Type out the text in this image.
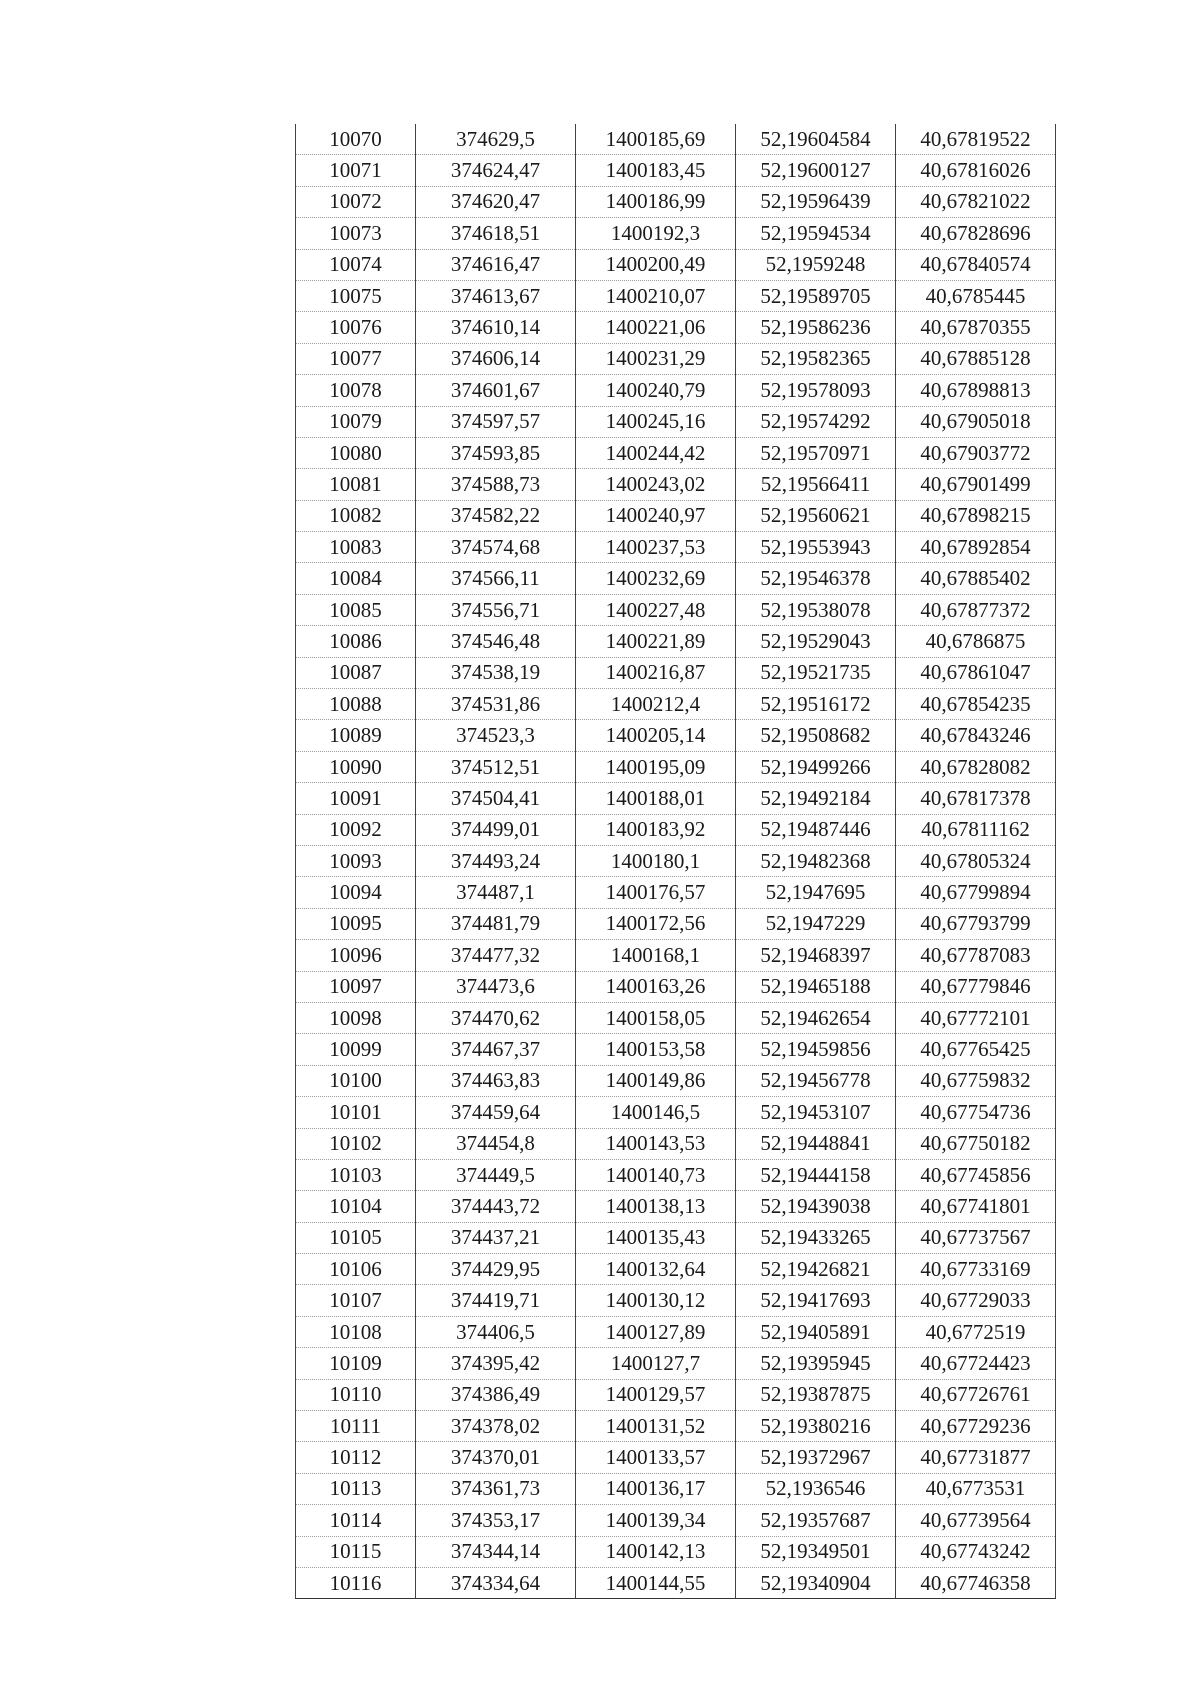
10070	374629,5	1400185,69	52,19604584	40,67819522
10071	374624,47	1400183,45	52,19600127	40,67816026
10072	374620,47	1400186,99	52,19596439	40,67821022
10073	374618,51	1400192,3	52,19594534	40,67828696
10074	374616,47	1400200,49	52,1959248	40,67840574
10075	374613,67	1400210,07	52,19589705	40,6785445
10076	374610,14	1400221,06	52,19586236	40,67870355
10077	374606,14	1400231,29	52,19582365	40,67885128
10078	374601,67	1400240,79	52,19578093	40,67898813
10079	374597,57	1400245,16	52,19574292	40,67905018
10080	374593,85	1400244,42	52,19570971	40,67903772
10081	374588,73	1400243,02	52,19566411	40,67901499
10082	374582,22	1400240,97	52,19560621	40,67898215
10083	374574,68	1400237,53	52,19553943	40,67892854
10084	374566,11	1400232,69	52,19546378	40,67885402
10085	374556,71	1400227,48	52,19538078	40,67877372
10086	374546,48	1400221,89	52,19529043	40,6786875
10087	374538,19	1400216,87	52,19521735	40,67861047
10088	374531,86	1400212,4	52,19516172	40,67854235
10089	374523,3	1400205,14	52,19508682	40,67843246
10090	374512,51	1400195,09	52,19499266	40,67828082
10091	374504,41	1400188,01	52,19492184	40,67817378
10092	374499,01	1400183,92	52,19487446	40,67811162
10093	374493,24	1400180,1	52,19482368	40,67805324
10094	374487,1	1400176,57	52,1947695	40,67799894
10095	374481,79	1400172,56	52,1947229	40,67793799
10096	374477,32	1400168,1	52,19468397	40,67787083
10097	374473,6	1400163,26	52,19465188	40,67779846
10098	374470,62	1400158,05	52,19462654	40,67772101
10099	374467,37	1400153,58	52,19459856	40,67765425
10100	374463,83	1400149,86	52,19456778	40,67759832
10101	374459,64	1400146,5	52,19453107	40,67754736
10102	374454,8	1400143,53	52,19448841	40,67750182
10103	374449,5	1400140,73	52,19444158	40,67745856
10104	374443,72	1400138,13	52,19439038	40,67741801
10105	374437,21	1400135,43	52,19433265	40,67737567
10106	374429,95	1400132,64	52,19426821	40,67733169
10107	374419,71	1400130,12	52,19417693	40,67729033
10108	374406,5	1400127,89	52,19405891	40,6772519
10109	374395,42	1400127,7	52,19395945	40,67724423
10110	374386,49	1400129,57	52,19387875	40,67726761
10111	374378,02	1400131,52	52,19380216	40,67729236
10112	374370,01	1400133,57	52,19372967	40,67731877
10113	374361,73	1400136,17	52,1936546	40,6773531
10114	374353,17	1400139,34	52,19357687	40,67739564
10115	374344,14	1400142,13	52,19349501	40,67743242
10116	374334,64	1400144,55	52,19340904	40,67746358
